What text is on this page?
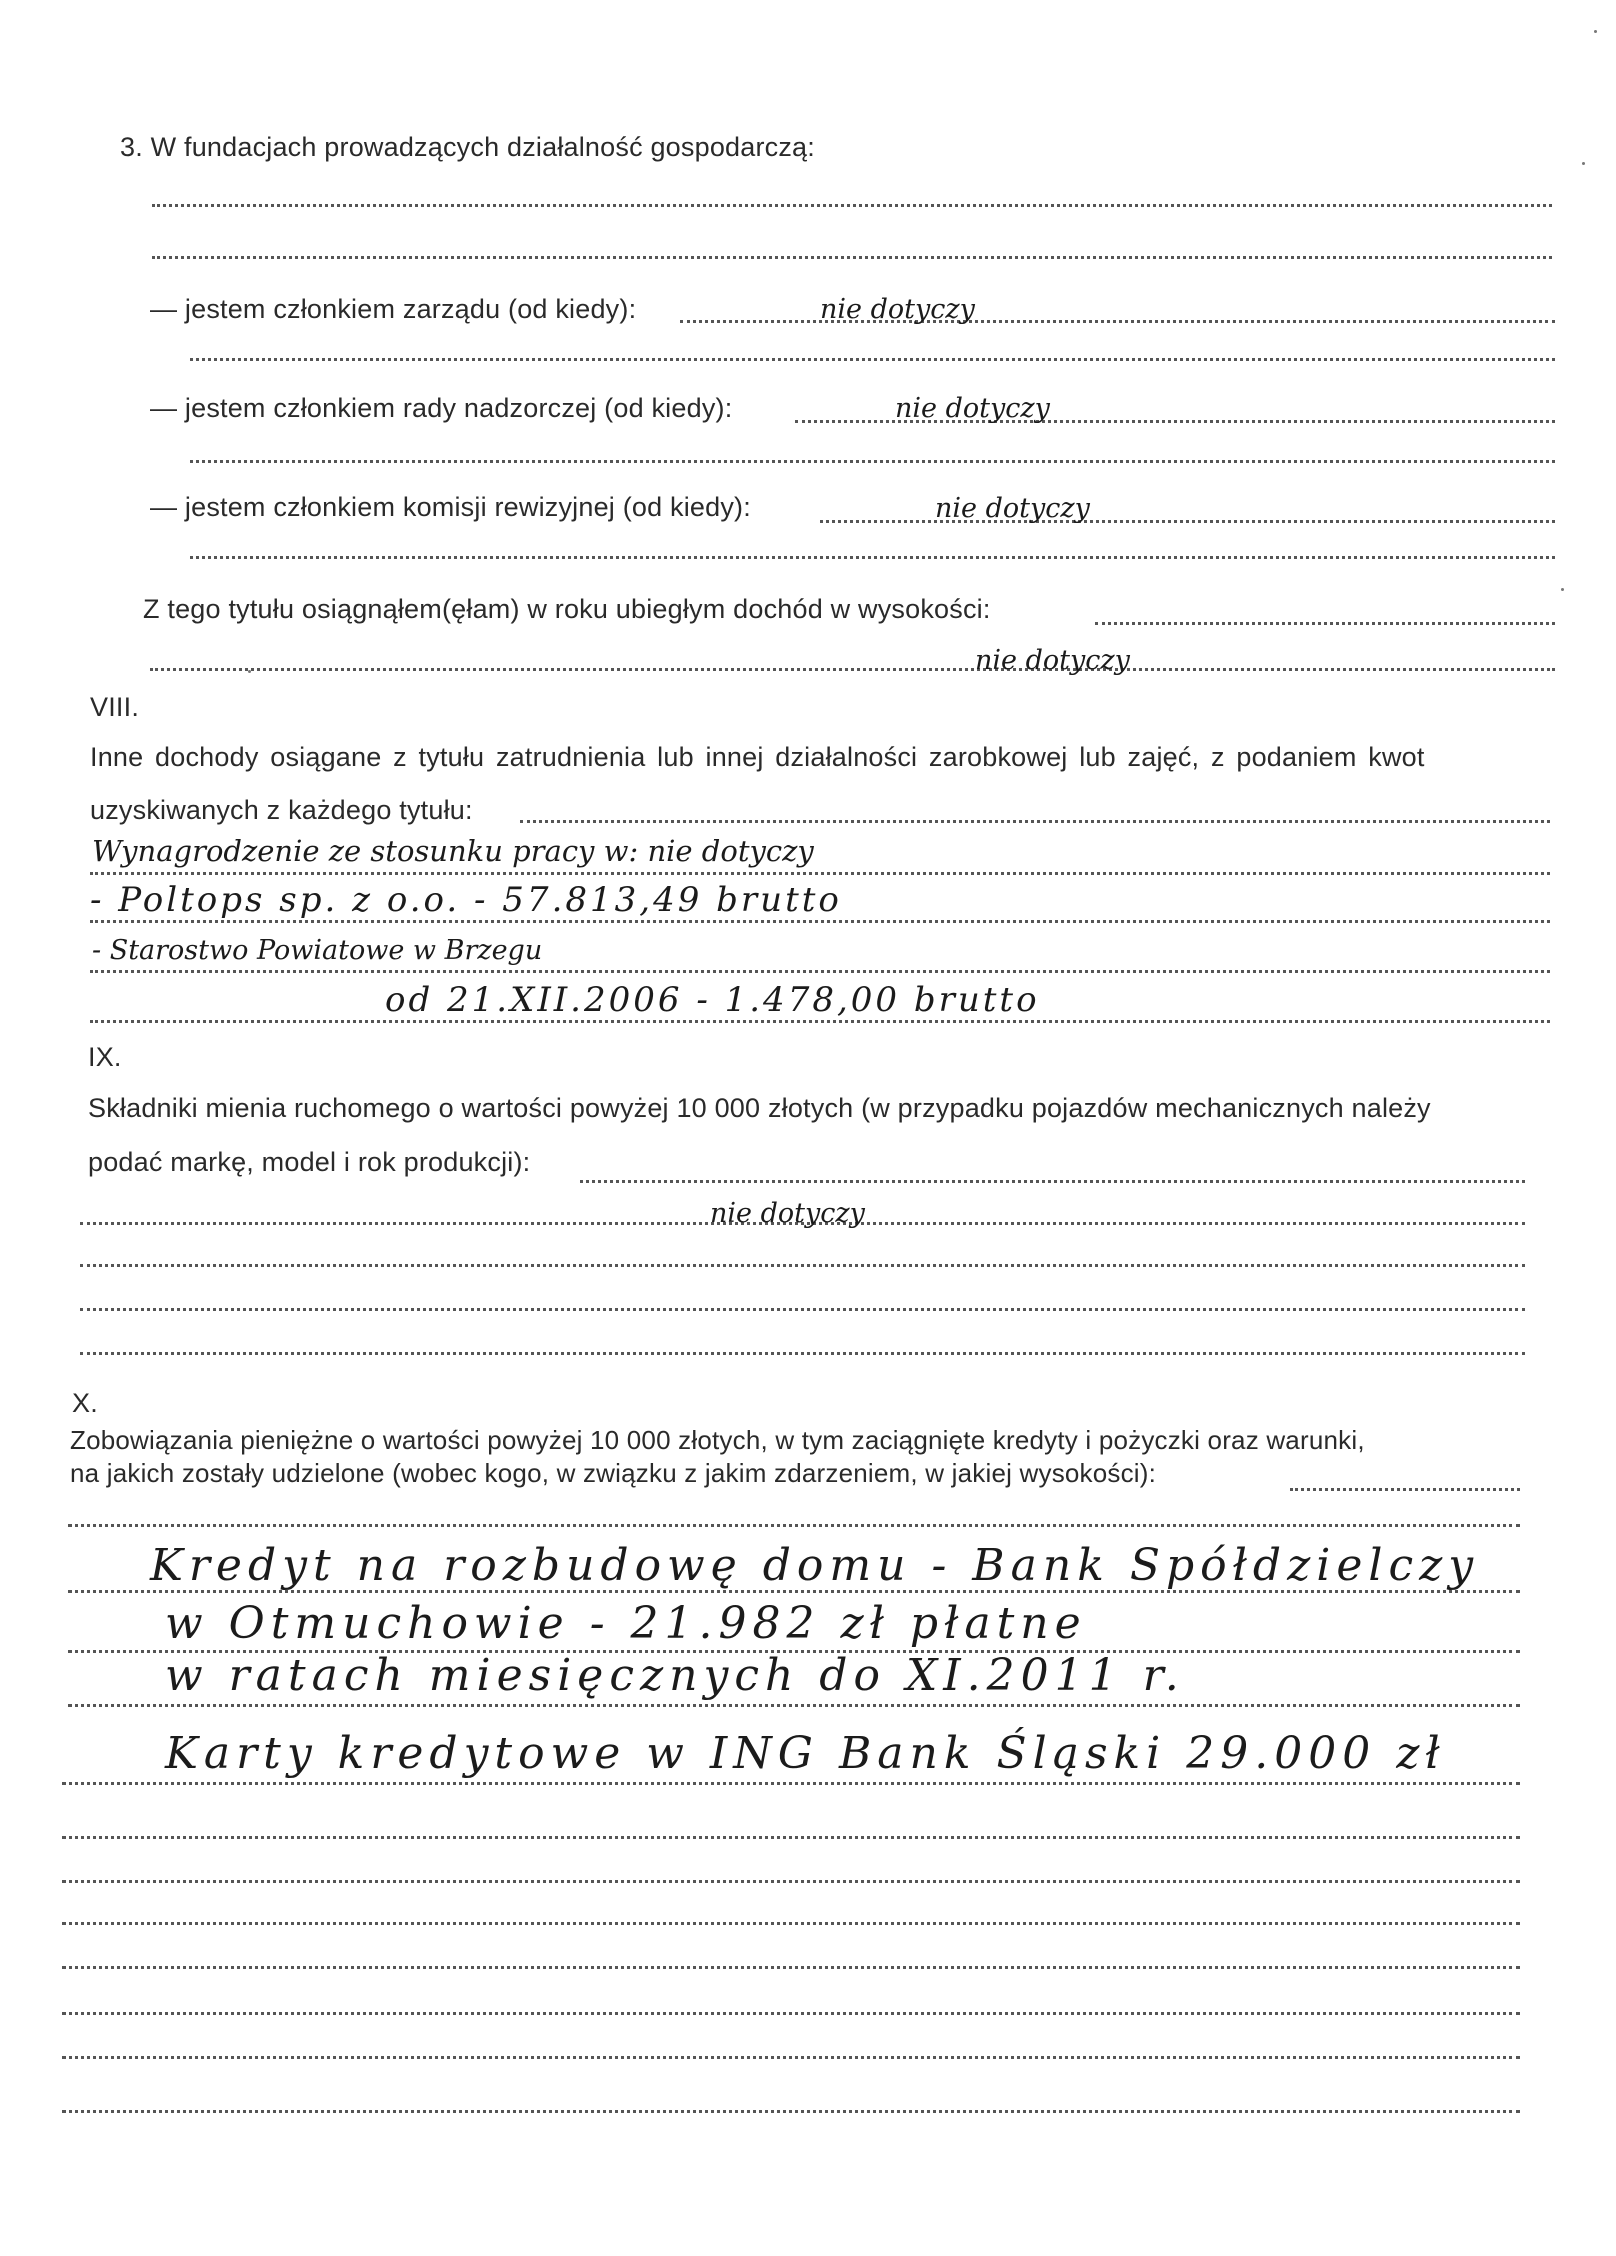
3. W fundacjach prowadzących działalność gospodarczą:
— jestem członkiem zarządu (od kiedy):	nie dotyczy
— jestem członkiem rady nadzorczej (od kiedy):	nie dotyczy
— jestem członkiem komisji rewizyjnej (od kiedy):	nie dotyczy
Z tego tytułu osiągnąłem(ęłam) w roku ubiegłym dochód w wysokości:
nie dotyczy
VIII.
Inne dochody osiągane z tytułu zatrudnienia lub innej działalności zarobkowej lub zajęć, z podaniem kwot
uzyskiwanych z każdego tytułu:
Wynagrodzenie ze stosunku pracy w: nie dotyczy
- Poltops sp. z o.o. - 57.813,49 brutto
- Starostwo Powiatowe w Brzegu
od 21.XII.2006 - 1.478,00 brutto
IX.
Składniki mienia ruchomego o wartości powyżej 10 000 złotych (w przypadku pojazdów mechanicznych należy
podać markę, model i rok produkcji):
nie dotyczy
X.
Zobowiązania pieniężne o wartości powyżej 10 000 złotych, w tym zaciągnięte kredyty i pożyczki oraz warunki,
na jakich zostały udzielone (wobec kogo, w związku z jakim zdarzeniem, w jakiej wysokości):
Kredyt na rozbudowę domu - Bank Spółdzielczy
w Otmuchowie - 21.982 zł płatne
w ratach miesięcznych do XI.2011 r.
Karty kredytowe w ING Bank Śląski 29.000 zł
